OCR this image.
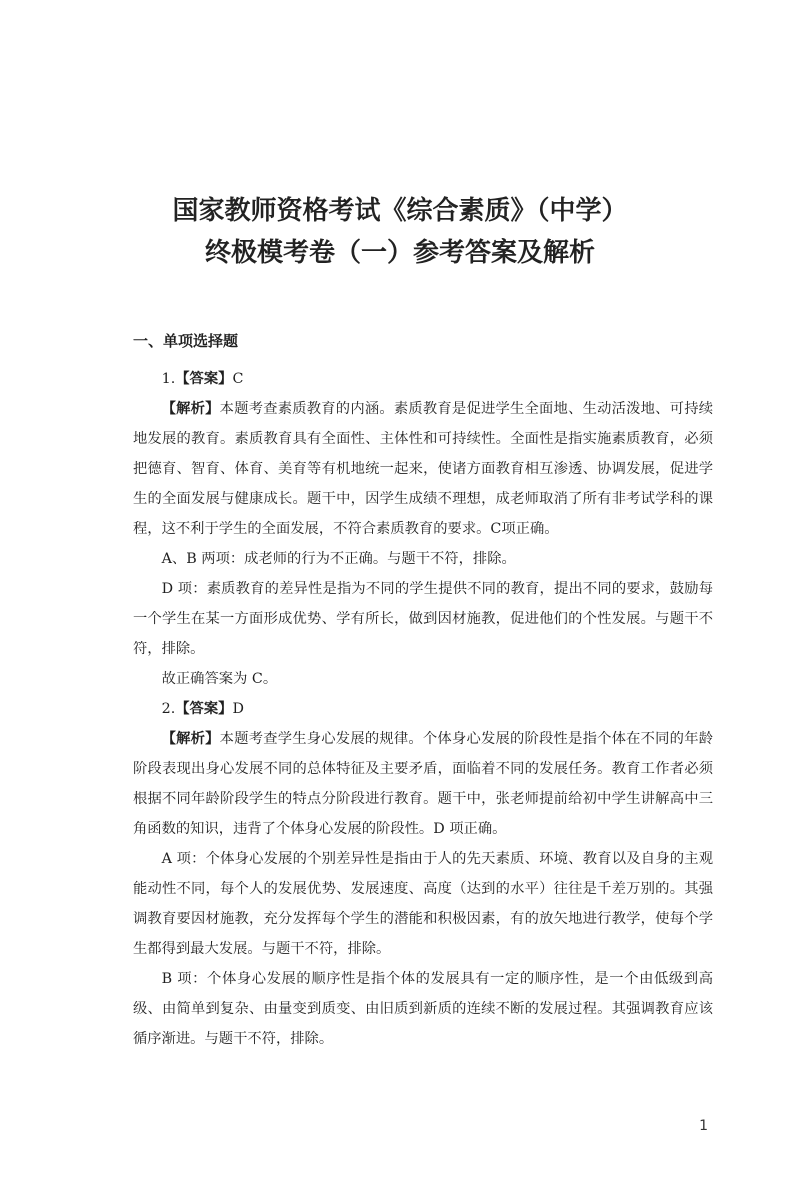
国家教师资格考试《综合素质》（中学）
终极模考卷（一）参考答案及解析
一、单项选择题

1.【答案】C

【解析】本题考查素质教育的内涵。素质教育是促进学生全面地、生动活泼地、可持续地发展的教育。素质教育具有全面性、主体性和可持续性。全面性是指实施素质教育，必须把德育、智育、体育、美育等有机地统一起来，使诸方面教育相互渗透、协调发展，促进学生的全面发展与健康成长。题干中，因学生成绩不理想，成老师取消了所有非考试学科的课程，这不利于学生的全面发展，不符合素质教育的要求。C项正确。

A、B 两项：成老师的行为不正确。与题干不符，排除。

D 项：素质教育的差异性是指为不同的学生提供不同的教育，提出不同的要求，鼓励每一个学生在某一方面形成优势、学有所长，做到因材施教，促进他们的个性发展。与题干不符，排除。

故正确答案为 C。

2.【答案】D

【解析】本题考查学生身心发展的规律。个体身心发展的阶段性是指个体在不同的年龄阶段表现出身心发展不同的总体特征及主要矛盾，面临着不同的发展任务。教育工作者必须根据不同年龄阶段学生的特点分阶段进行教育。题干中，张老师提前给初中学生讲解高中三角函数的知识，违背了个体身心发展的阶段性。D 项正确。

A 项：个体身心发展的个别差异性是指由于人的先天素质、环境、教育以及自身的主观能动性不同，每个人的发展优势、发展速度、高度（达到的水平）往往是千差万别的。其强调教育要因材施教，充分发挥每个学生的潜能和积极因素，有的放矢地进行教学，使每个学生都得到最大发展。与题干不符，排除。

B 项：个体身心发展的顺序性是指个体的发展具有一定的顺序性，是一个由低级到高级、由简单到复杂、由量变到质变、由旧质到新质的连续不断的发展过程。其强调教育应该循序渐进。与题干不符，排除。

1
